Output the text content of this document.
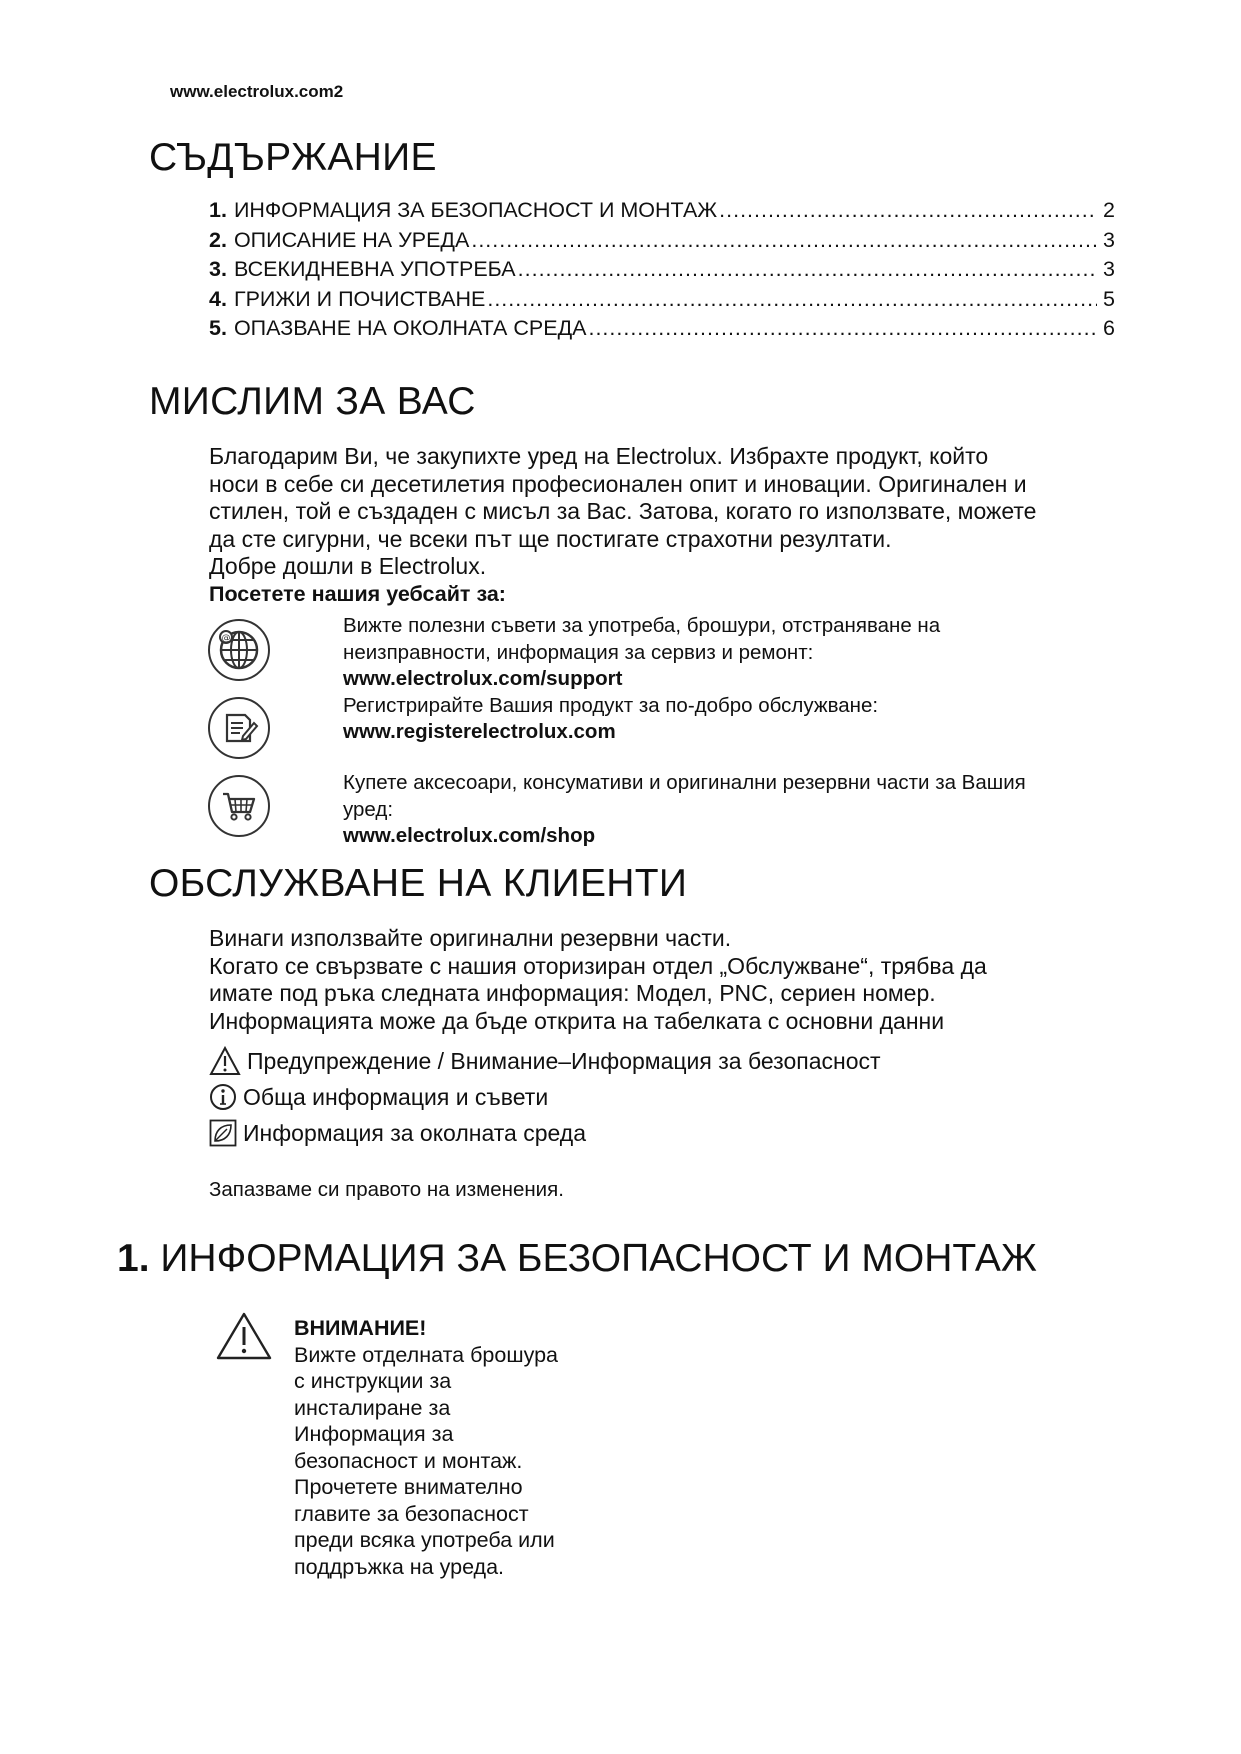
www.electrolux.com2
СЪДЪРЖАНИЕ
1. ИНФОРМАЦИЯ ЗА БЕЗОПАСНОСТ И МОНТАЖ .....	2
2. ОПИСАНИЕ НА УРЕДА .....	3
3. ВСЕКИДНЕВНА УПОТРЕБА .....	3
4. ГРИЖИ И ПОЧИСТВАНЕ .....	5
5. ОПАЗВАНЕ НА ОКОЛНАТА СРЕДА .....	6
МИСЛИМ ЗА ВАС
Благодарим Ви, че закупихте уред на Electrolux. Избрахте продукт, който
носи в себе си десетилетия професионален опит и иновации. Оригинален и
стилен, той е създаден с мисъл за Вас. Затова, когато го използвате, можете
да сте сигурни, че всеки път ще постигате страхотни резултати.
Добре дошли в Electrolux.
Посетете нашия уебсайт за:
@
Вижте полезни съвети за употреба, брошури, отстраняване на
неизправности, информация за сервиз и ремонт:
www.electrolux.com/support
Регистрирайте Вашия продукт за по-добро обслужване:
www.registerelectrolux.com
Купете аксесоари, консумативи и оригинални резервни части за Вашия
уред:
www.electrolux.com/shop
ОБСЛУЖВАНЕ НА КЛИЕНТИ
Винаги използвайте оригинални резервни части.
Когато се свързвате с нашия оторизиран отдел „Обслужване“, трябва да
имате под ръка следната информация: Модел, PNC, сериен номер.
Информацията може да бъде открита на табелката с основни данни
Предупреждение / Внимание–Информация за безопасност
Обща информация и съвети
Информация за околната среда
Запазваме си правото на изменения.
1. ИНФОРМАЦИЯ ЗА БЕЗОПАСНОСТ И МОНТАЖ
ВНИМАНИЕ!
Вижте отделната брошура
с инструкции за
инсталиране за
Информация за
безопасност и монтаж.
Прочетете внимателно
главите за безопасност
преди всяка употреба или
поддръжка на уреда.
